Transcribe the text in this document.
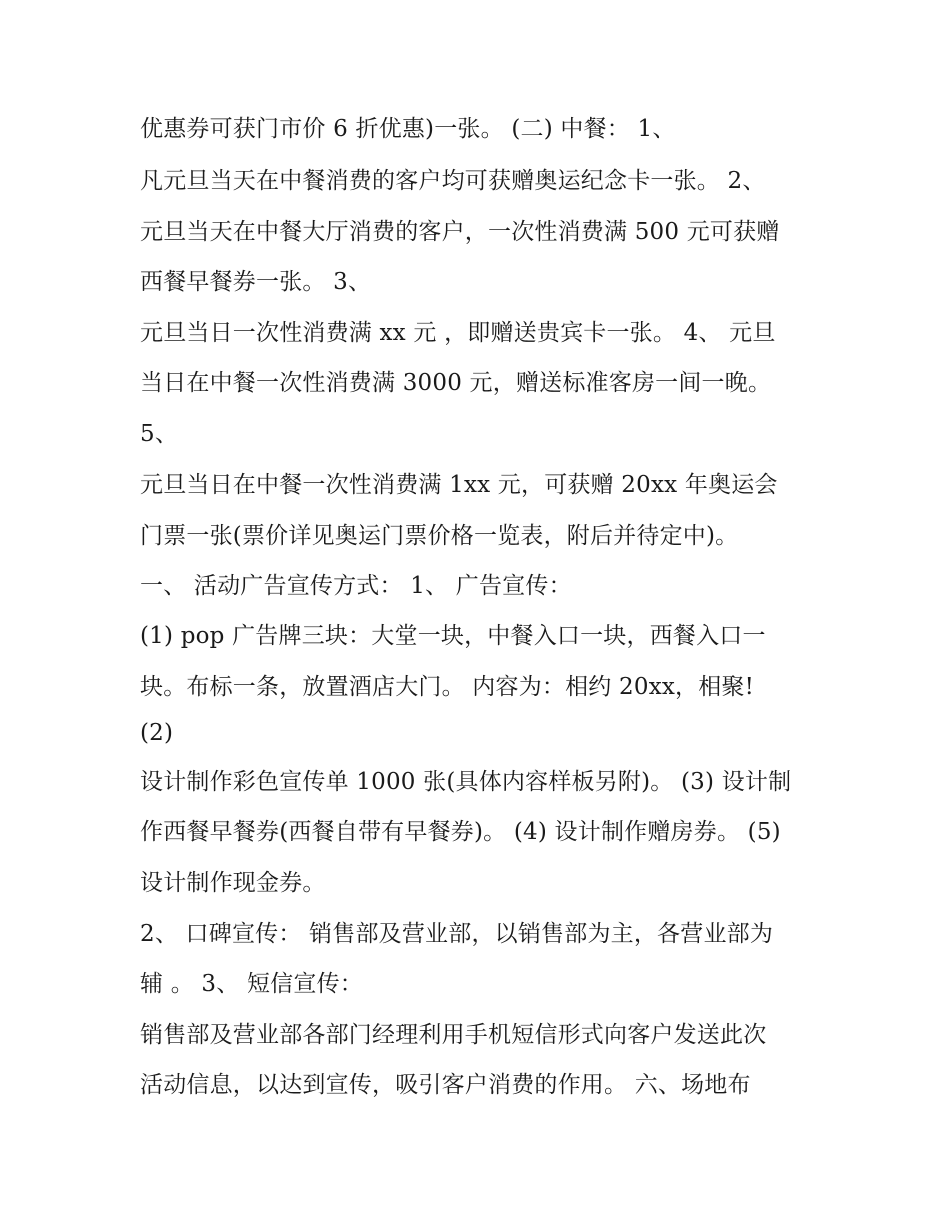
优惠券可获门市价 6 折优惠)一张。 (二) 中餐： 1、
凡元旦当天在中餐消费的客户均可获赠奥运纪念卡一张。 2、
元旦当天在中餐大厅消费的客户，一次性消费满 500 元可获赠
西餐早餐券一张。 3、
元旦当日一次性消费满 xx 元 ，即赠送贵宾卡一张。 4、 元旦
当日在中餐一次性消费满 3000 元，赠送标准客房一间一晚。
5、
元旦当日在中餐一次性消费满 1xx 元，可获赠 20xx 年奥运会
门票一张(票价详见奥运门票价格一览表，附后并待定中)。
一、 活动广告宣传方式： 1、 广告宣传：
(1) pop 广告牌三块：大堂一块，中餐入口一块，西餐入口一
块。布标一条，放置酒店大门。 内容为：相约 20xx，相聚!
(2)
设计制作彩色宣传单 1000 张(具体内容样板另附)。 (3) 设计制
作西餐早餐券(西餐自带有早餐券)。 (4) 设计制作赠房券。 (5)
设计制作现金券。
2、 口碑宣传： 销售部及营业部，以销售部为主，各营业部为
辅 。 3、 短信宣传：
销售部及营业部各部门经理利用手机短信形式向客户发送此次
活动信息，以达到宣传，吸引客户消费的作用。 六、场地布
